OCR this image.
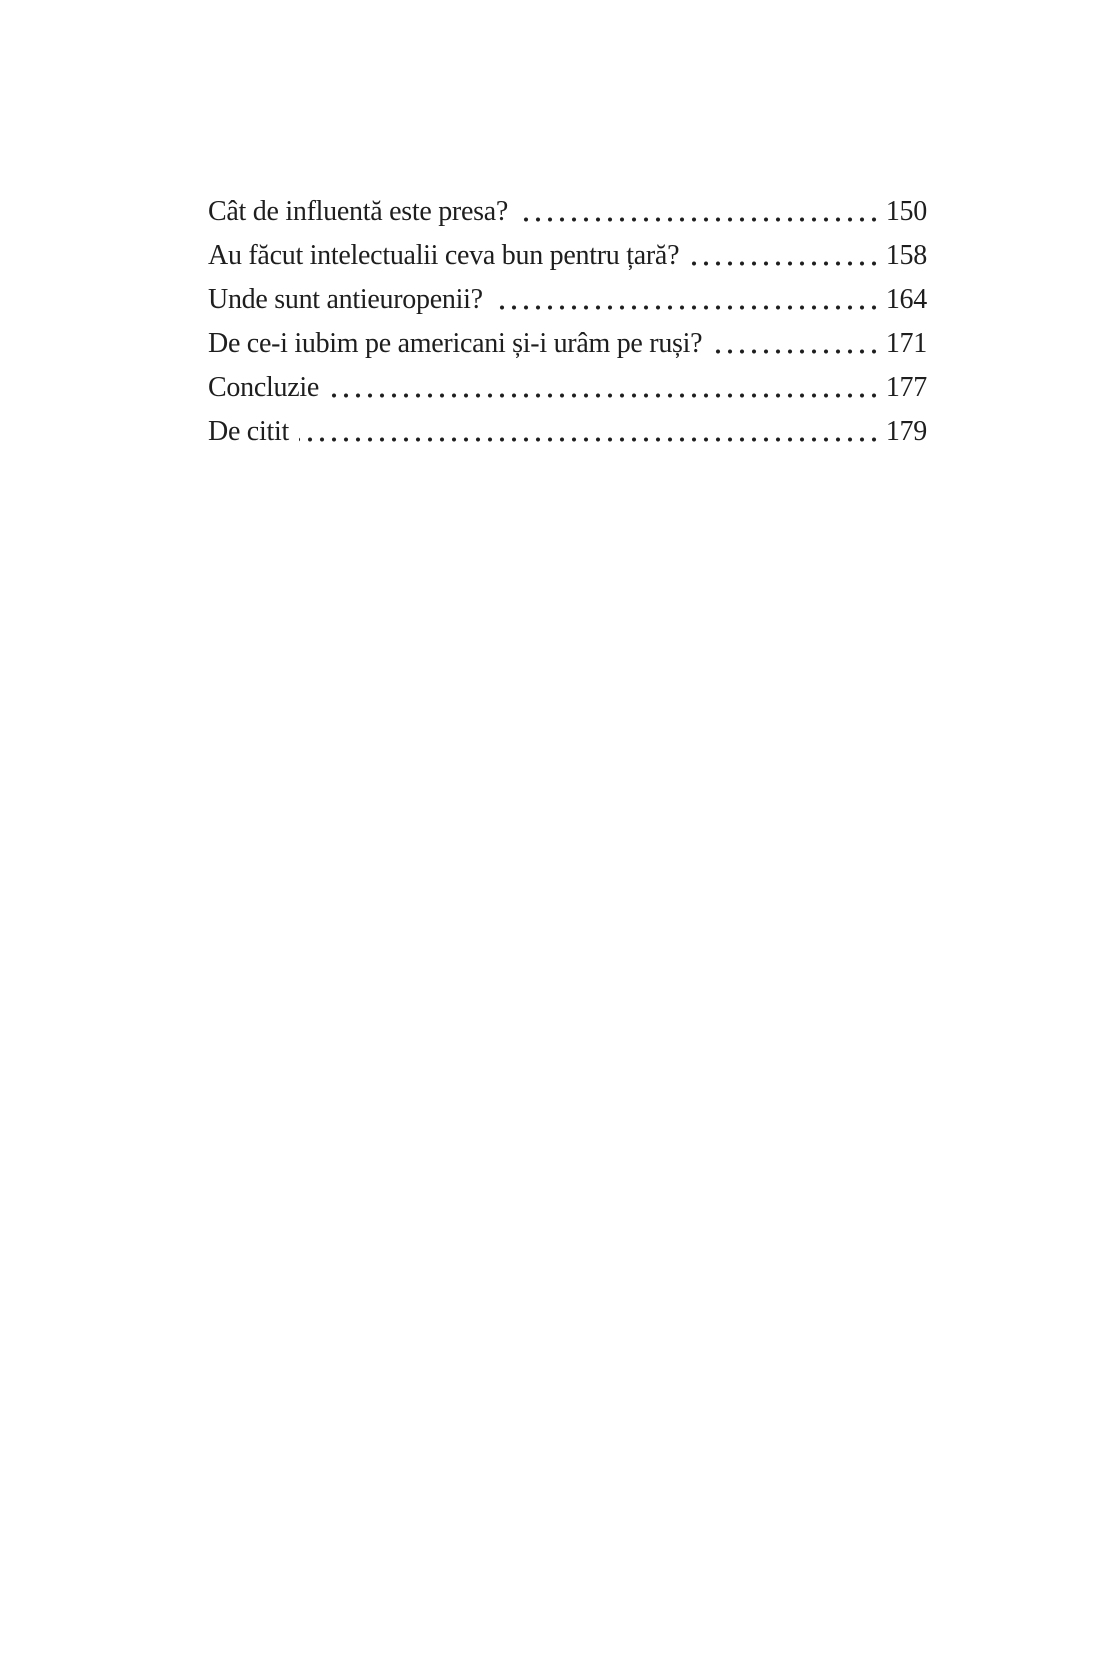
Cât de influentă este presa?	150
Au făcut intelectualii ceva bun pentru țară?	158
Unde sunt antieuropenii?	164
De ce-i iubim pe americani și-i urâm pe ruși?	171
Concluzie	177
De citit	179
